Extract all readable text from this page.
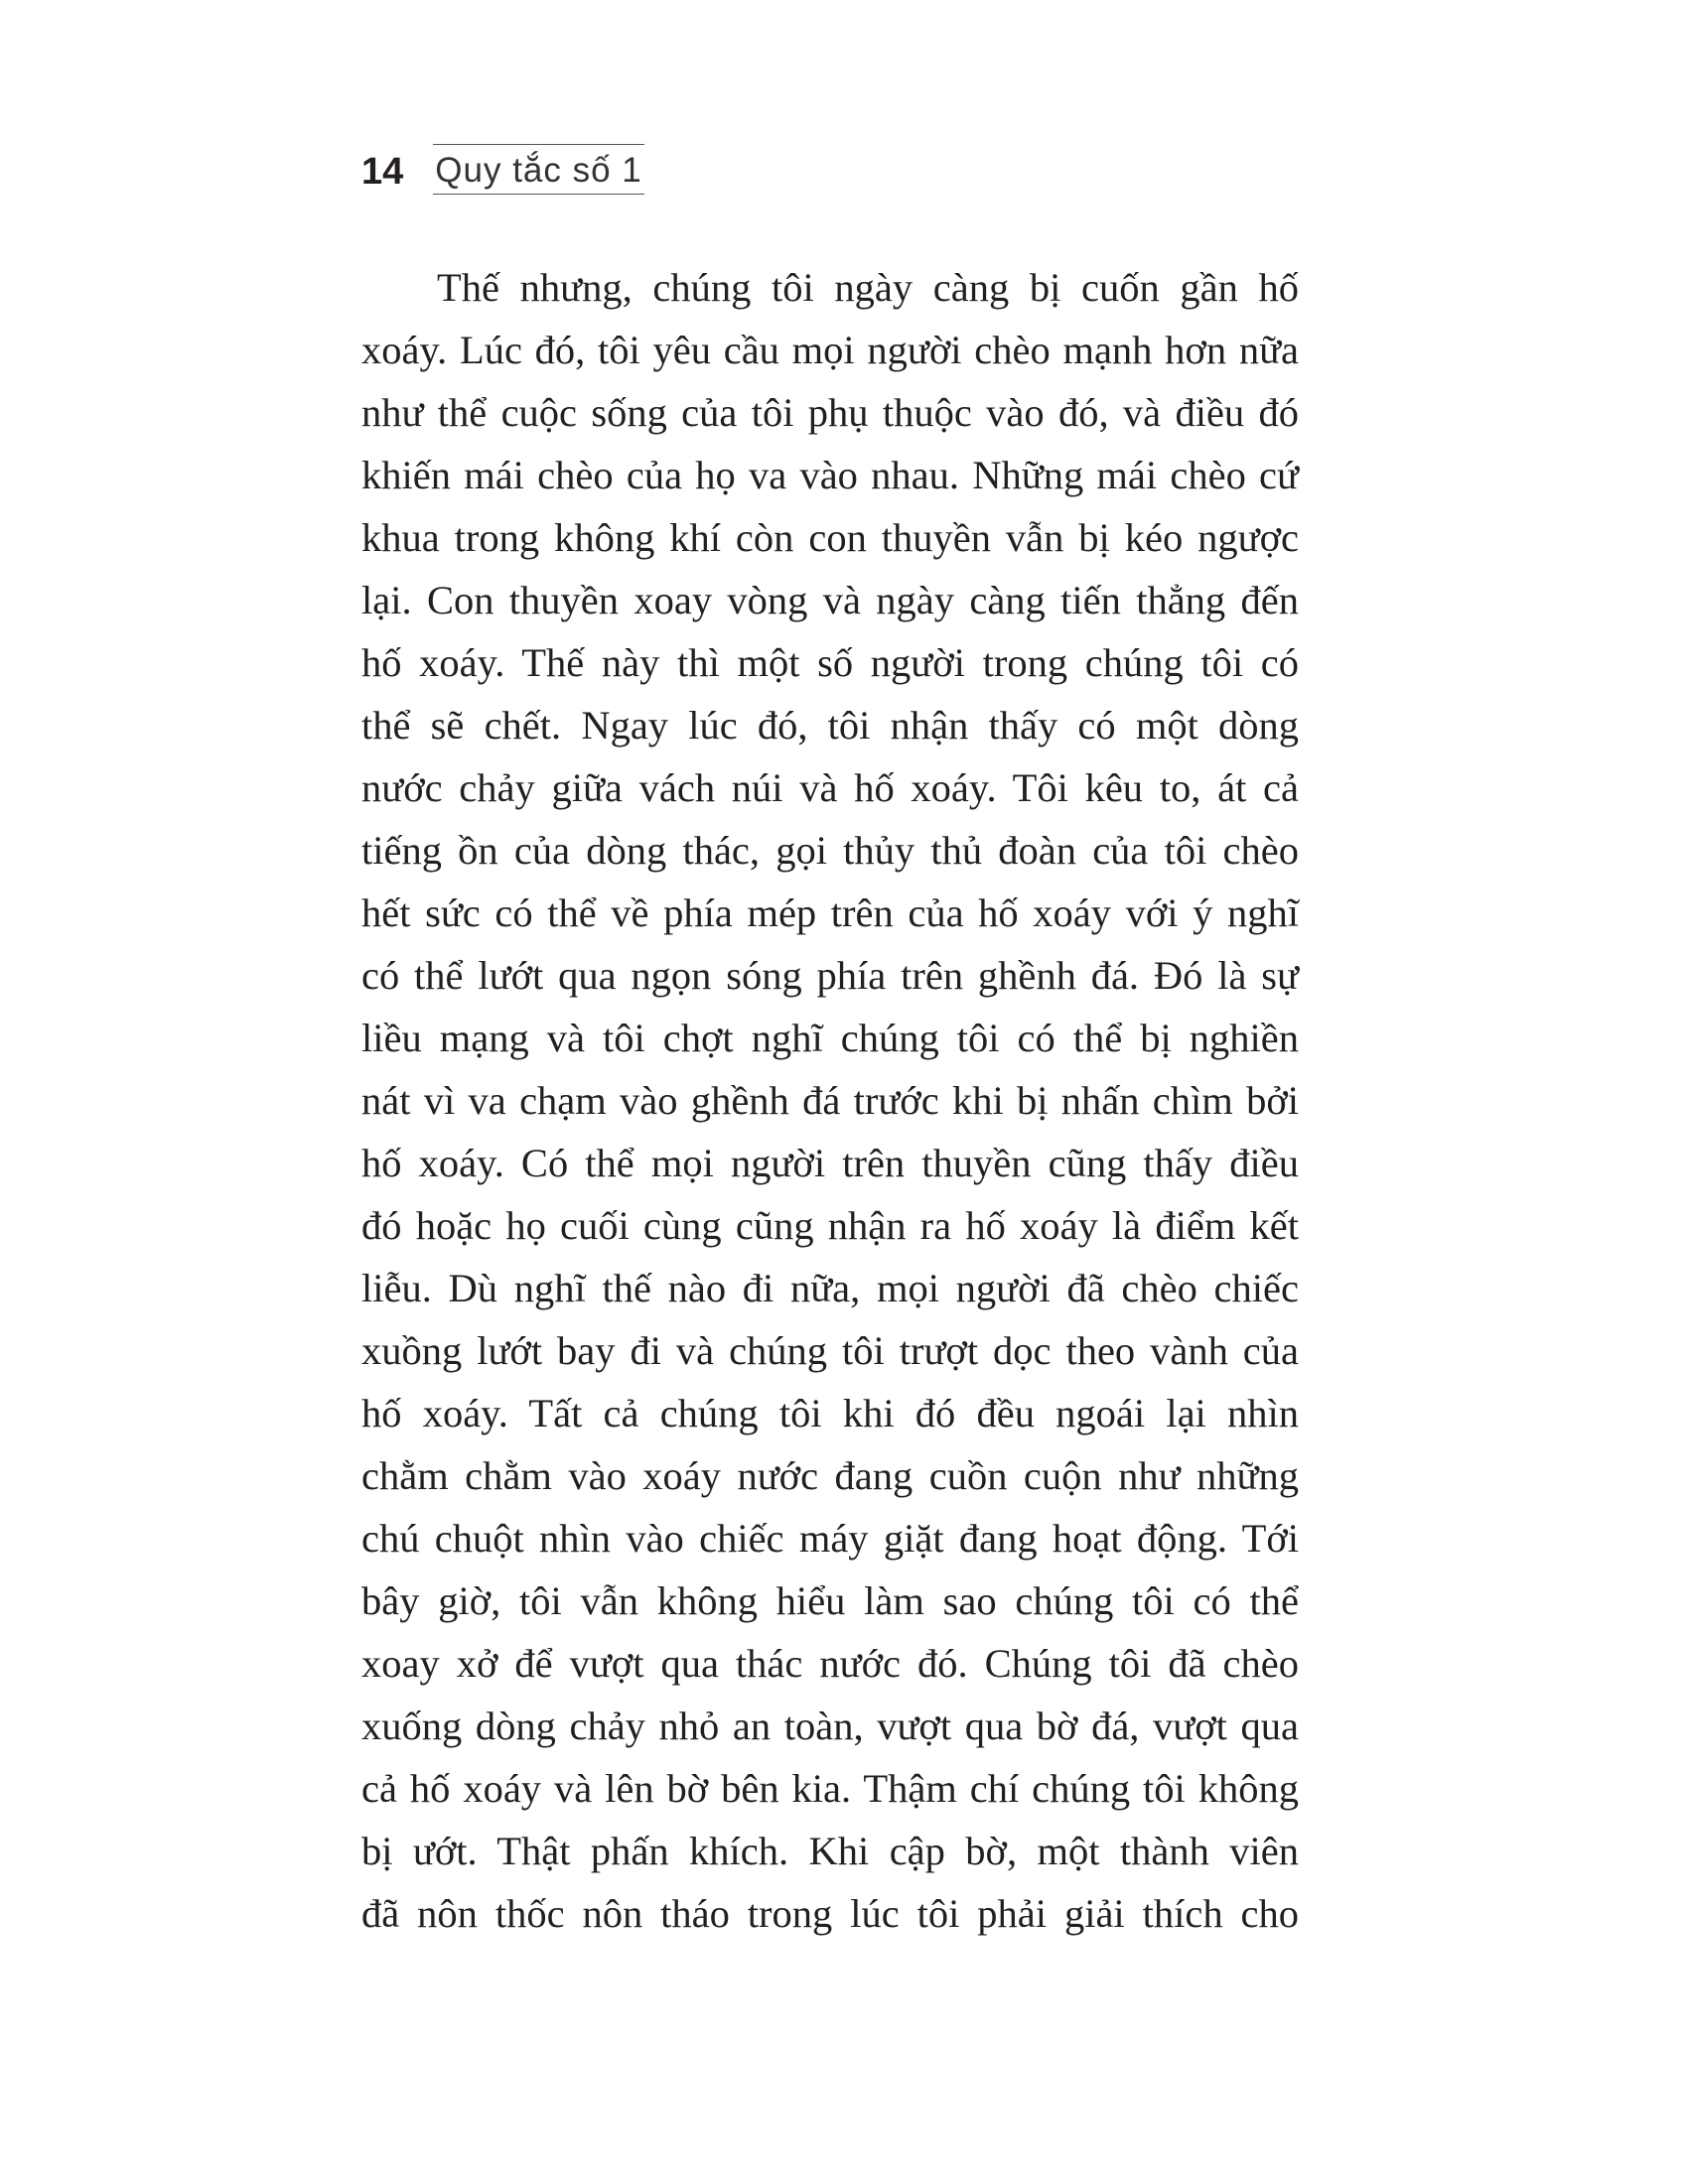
14 Quy tắc số 1
Thế nhưng, chúng tôi ngày càng bị cuốn gần hố
xoáy. Lúc đó, tôi yêu cầu mọi người chèo mạnh hơn nữa
như thể cuộc sống của tôi phụ thuộc vào đó, và điều đó
khiến mái chèo của họ va vào nhau. Những mái chèo cứ
khua trong không khí còn con thuyền vẫn bị kéo ngược
lại. Con thuyền xoay vòng và ngày càng tiến thẳng đến
hố xoáy. Thế này thì một số người trong chúng tôi có
thể sẽ chết. Ngay lúc đó, tôi nhận thấy có một dòng
nước chảy giữa vách núi và hố xoáy. Tôi kêu to, át cả
tiếng ồn của dòng thác, gọi thủy thủ đoàn của tôi chèo
hết sức có thể về phía mép trên của hố xoáy với ý nghĩ
có thể lướt qua ngọn sóng phía trên ghềnh đá. Đó là sự
liều mạng và tôi chợt nghĩ chúng tôi có thể bị nghiền
nát vì va chạm vào ghềnh đá trước khi bị nhấn chìm bởi
hố xoáy. Có thể mọi người trên thuyền cũng thấy điều
đó hoặc họ cuối cùng cũng nhận ra hố xoáy là điểm kết
liễu. Dù nghĩ thế nào đi nữa, mọi người đã chèo chiếc
xuồng lướt bay đi và chúng tôi trượt dọc theo vành của
hố xoáy. Tất cả chúng tôi khi đó đều ngoái lại nhìn
chằm chằm vào xoáy nước đang cuồn cuộn như những
chú chuột nhìn vào chiếc máy giặt đang hoạt động. Tới
bây giờ, tôi vẫn không hiểu làm sao chúng tôi có thể
xoay xở để vượt qua thác nước đó. Chúng tôi đã chèo
xuống dòng chảy nhỏ an toàn, vượt qua bờ đá, vượt qua
cả hố xoáy và lên bờ bên kia. Thậm chí chúng tôi không
bị ướt. Thật phấn khích. Khi cập bờ, một thành viên
đã nôn thốc nôn tháo trong lúc tôi phải giải thích cho
